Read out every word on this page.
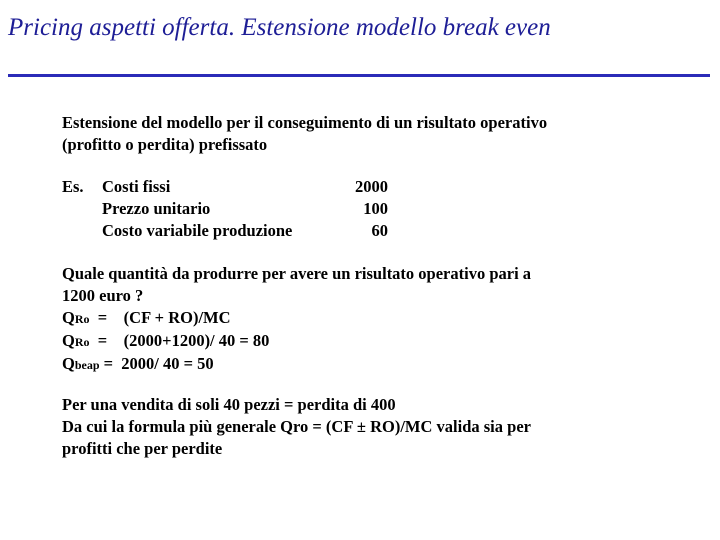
Pricing aspetti offerta. Estensione modello break even
Estensione del modello per il conseguimento di un risultato operativo
(profitto o perdita) prefissato
Es. Costi fissi	2000
Prezzo unitario	100
Costo variabile produzione	60
Quale quantità da produrre per avere un risultato operativo pari a
1200 euro ?
QRo  =    (CF + RO)/MC
QRo  =    (2000+1200)/ 40 = 80
Qbeap =  2000/ 40 = 50
Per una vendita di soli 40 pezzi = perdita di 400
Da cui la formula più generale Qro = (CF ± RO)/MC valida sia per
profitti che per perdite
